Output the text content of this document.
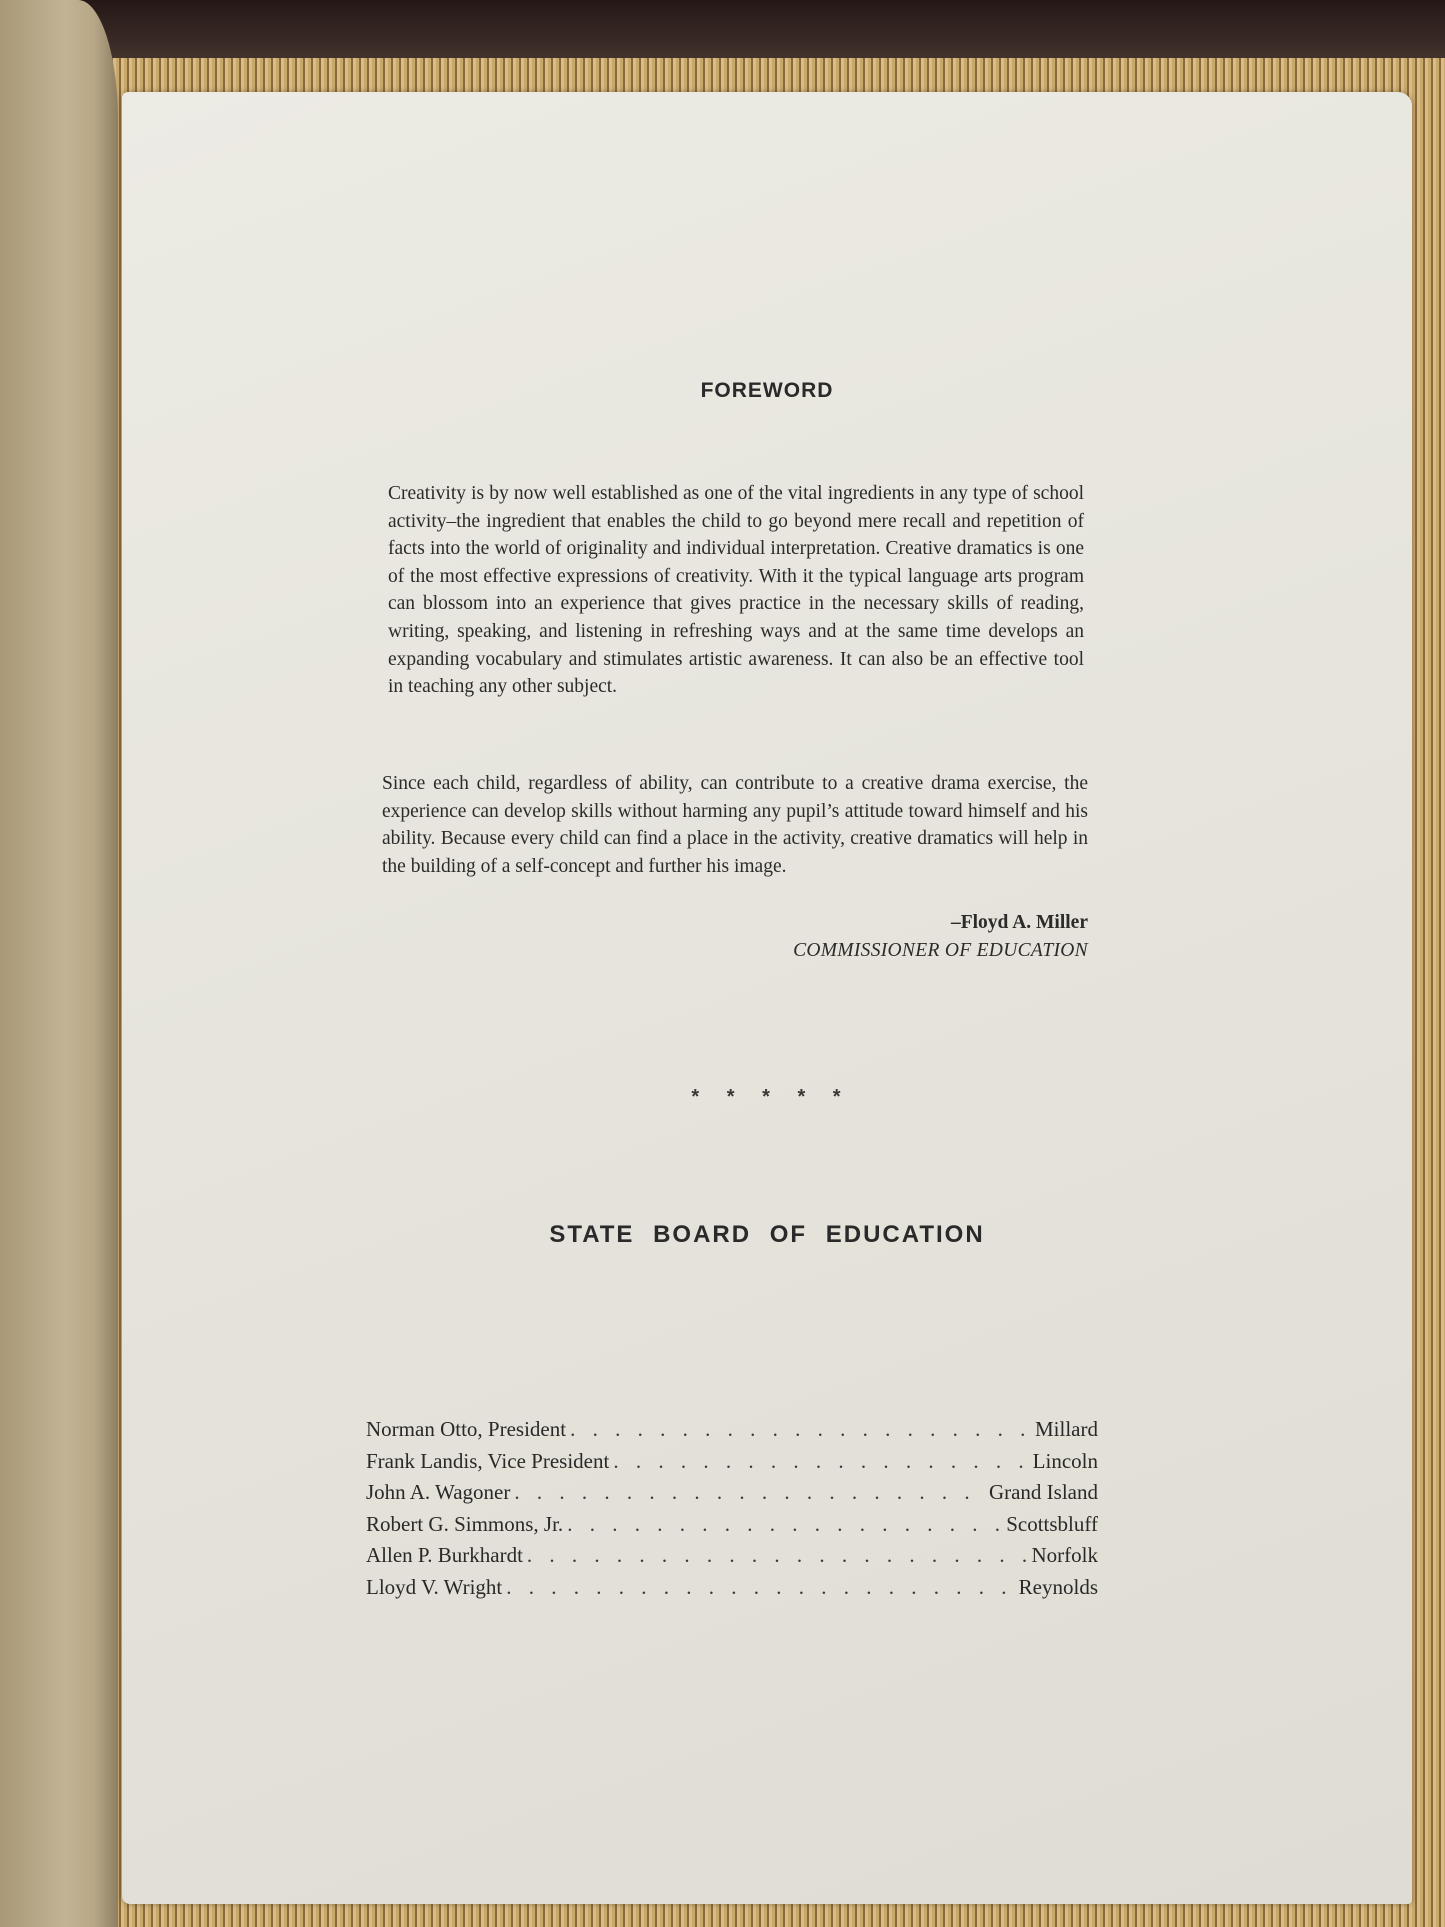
FOREWORD

Creativity is by now well established as one of the vital ingredients in any type of school activity–the ingredient that enables the child to go beyond mere recall and repetition of facts into the world of originality and individual interpretation. Creative dramatics is one of the most effective expressions of creativity. With it the typical language arts program can blossom into an experience that gives practice in the necessary skills of reading, writing, speaking, and listening in refreshing ways and at the same time develops an expanding vocabulary and stimulates artistic awareness. It can also be an effective tool in teaching any other subject.

Since each child, regardless of ability, can contribute to a creative drama exercise, the experience can develop skills without harming any pupil’s attitude toward himself and his ability. Because every child can find a place in the activity, creative dramatics will help in the building of a self-concept and further his image.

–Floyd A. Miller
COMMISSIONER OF EDUCATION
* * * * *
STATE BOARD OF EDUCATION
Norman Otto, President . . .	Millard
Frank Landis, Vice President . . .	Lincoln
John A. Wagoner . . .	Grand Island
Robert G. Simmons, Jr. . . .	Scottsbluff
Allen P. Burkhardt . . .	Norfolk
Lloyd V. Wright . . .	Reynolds
